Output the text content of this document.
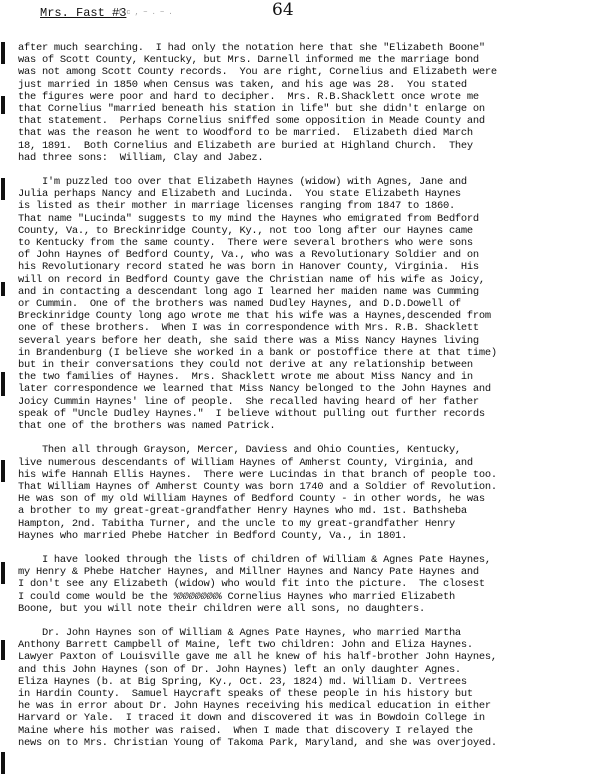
Mrs. Fast #3
f c , ~ . ~ .	64
after much searching.  I had only the notation here that she "Elizabeth Boone"
was of Scott County, Kentucky, but Mrs. Darnell informed me the marriage bond
was not among Scott County records.  You are right, Cornelius and Elizabeth were
just married in 1850 when Census was taken, and his age was 28.  You stated
the figures were poor and hard to decipher.  Mrs. R.B.Shacklett once wrote me
that Cornelius "married beneath his station in life" but she didn't enlarge on
that statement.  Perhaps Cornelius sniffed some opposition in Meade County and
that was the reason he went to Woodford to be married.  Elizabeth died March
18, 1891.  Both Cornelius and Elizabeth are buried at Highland Church.  They
had three sons:  William, Clay and Jabez.
I'm puzzled too over that Elizabeth Haynes (widow) with Agnes, Jane and
Julia perhaps Nancy and Elizabeth and Lucinda.  You state Elizabeth Haynes
is listed as their mother in marriage licenses ranging from 1847 to 1860.
That name "Lucinda" suggests to my mind the Haynes who emigrated from Bedford
County, Va., to Breckinridge County, Ky., not too long after our Haynes came
to Kentucky from the same county.  There were several brothers who were sons
of John Haynes of Bedford County, Va., who was a Revolutionary Soldier and on
his Revolutionary record stated he was born in Hanover County, Virginia.  His
will on record in Bedford County gave the Christian name of his wife as Joicy,
and in contacting a descendant long ago I learned her maiden name was Cumming
or Cummin.  One of the brothers was named Dudley Haynes, and D.D.Dowell of
Breckinridge County long ago wrote me that his wife was a Haynes,descended from
one of these brothers.  When I was in correspondence with Mrs. R.B. Shacklett
several years before her death, she said there was a Miss Nancy Haynes living
in Brandenburg (I believe she worked in a bank or postoffice there at that time)
but in their conversations they could not derive at any relationship between
the two families of Haynes.  Mrs. Shacklett wrote me about Miss Nancy and in
later correspondence we learned that Miss Nancy belonged to the John Haynes and
Joicy Cummin Haynes' line of people.  She recalled having heard of her father
speak of "Uncle Dudley Haynes."  I believe without pulling out further records
that one of the brothers was named Patrick.
Then all through Grayson, Mercer, Daviess and Ohio Counties, Kentucky,
live numerous descendants of William Haynes of Amherst County, Virginia, and
his wife Hannah Ellis Haynes.  There were Lucindas in that branch of people too.
That William Haynes of Amherst County was born 1740 and a Soldier of Revolution.
He was son of my old William Haynes of Bedford County - in other words, he was
a brother to my great-great-grandfather Henry Haynes who md. 1st. Bathsheba
Hampton, 2nd. Tabitha Turner, and the uncle to my great-grandfather Henry
Haynes who married Phebe Hatcher in Bedford County, Va., in 1801.
I have looked through the lists of children of William & Agnes Pate Haynes,
my Henry & Phebe Hatcher Haynes, and Millner Haynes and Nancy Pate Haynes and
I don't see any Elizabeth (widow) who would fit into the picture.  The closest
I could come would be the %%%%%%%% Cornelius Haynes who married Elizabeth
Boone, but you will note their children were all sons, no daughters.
Dr. John Haynes son of William & Agnes Pate Haynes, who married Martha
Anthony Barrett Campbell of Maine, left two children: John and Eliza Haynes.
Lawyer Paxton of Louisville gave me all he knew of his half-brother John Haynes,
and this John Haynes (son of Dr. John Haynes) left an only daughter Agnes.
Eliza Haynes (b. at Big Spring, Ky., Oct. 23, 1824) md. William D. Vertrees
in Hardin County.  Samuel Haycraft speaks of these people in his history but
he was in error about Dr. John Haynes receiving his medical education in either
Harvard or Yale.  I traced it down and discovered it was in Bowdoin College in
Maine where his mother was raised.  When I made that discovery I relayed the
news on to Mrs. Christian Young of Takoma Park, Maryland, and she was overjoyed.
